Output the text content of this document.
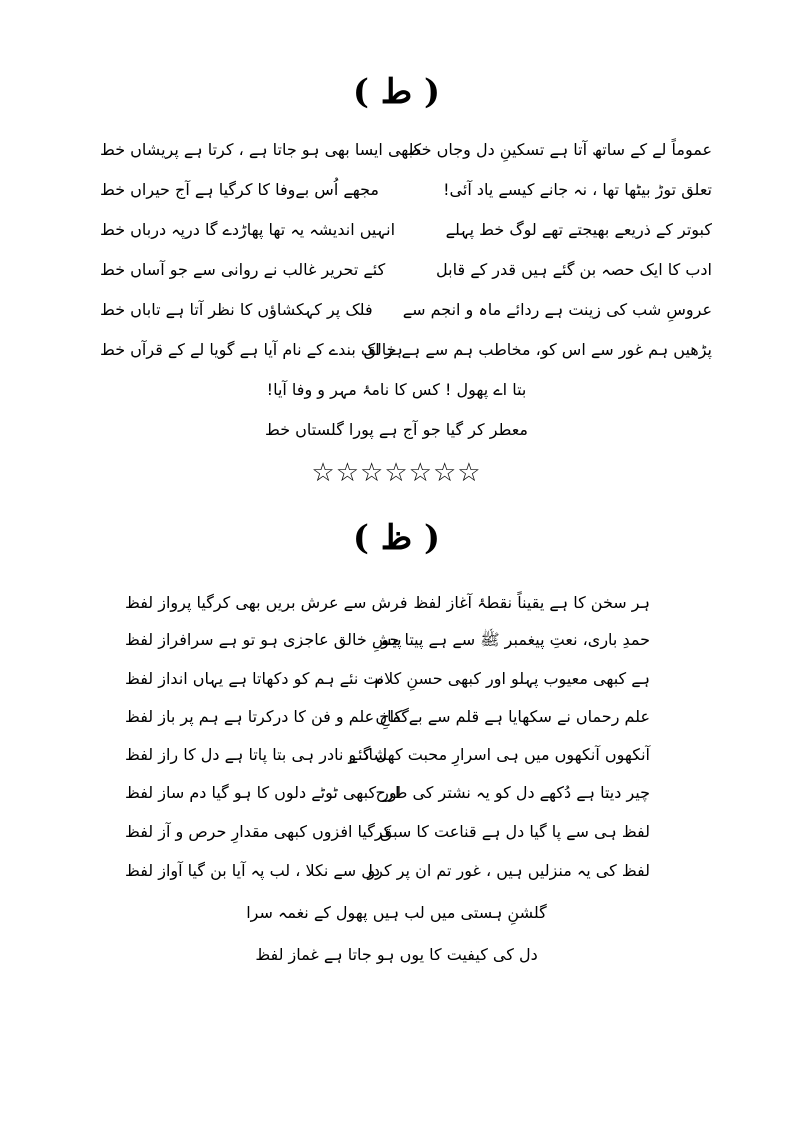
( ط )
عموماً لے کے ساتھ آتا ہے تسکینِ دل وجاں خط
کبھی ایسا بھی ہو جاتا ہے ، کرتا ہے پریشاں خط
تعلق توڑ بیٹھا تھا ، نہ جانے کیسے یاد آئی!
مجھے اُس بےوفا کا کرگیا ہے آج حیراں خط
کبوتر کے ذریعے بھیجتے تھے لوگ خط پہلے
انہیں اندیشہ یہ تھا پھاڑدے گا درپہ درباں خط
ادب کا ایک حصہ بن گئے ہیں قدر کے قابل
کئے تحریر غالب نے روانی سے جو آساں خط
عروسِ شب کی زینت ہے ردائے ماہ و انجم سے
فلک پر کہکشاؤں کا نظر آتا ہے تاباں خط
پڑھیں ہم غور سے اس کو، مخاطب ہم سے ہے خالق
ہر اک بندے کے نام آیا ہے گویا لے کے قرآں خط
بتا اے پھول ! کس کا نامۂ مہر و وفا آیا!
معطر کر گیا جو آج ہے پورا گلستاں خط
☆☆☆☆☆☆☆
( ظ )
ہر سخن کا ہے یقیناً نقطۂ آغاز لفظ
فرش سے عرش بریں بھی کرگیا پرواز لفظ
حمدِ باری، نعتِ پیغمبر ﷺ سے ہے پیتا جو
پیشِ خالق عاجزی ہو تو ہے سرافراز لفظ
ہے کبھی معیوب پہلو اور کبھی حسنِ کلام
نت نئے ہم کو دکھاتا ہے یہاں انداز لفظ
علم رحماں نے سکھایا ہے قلم سے بےگماں
کاخِ علم و فن کا درکرتا ہے ہم پر باز لفظ
آنکھوں آنکھوں میں ہی اسرارِ محبت کھل گئے
شاذ و نادر ہی بتا پاتا ہے دل کا راز لفظ
چیر دیتا ہے دُکھے دل کو یہ نشتر کی طرح
اور کبھی ٹوٹے دلوں کا ہو گیا دم ساز لفظ
لفظ ہی سے پا گیا دل ہے قناعت کا سبق
کرگیا افزوں کبھی مقدارِ حرص و آز لفظ
لفظ کی یہ منزلیں ہیں ، غور تم ان پر کرو
دل سے نکلا ، لب پہ آیا بن گیا آواز لفظ
گلشنِ ہستی میں لب ہیں پھول کے نغمہ سرا
دل کی کیفیت کا یوں ہو جاتا ہے غماز لفظ
